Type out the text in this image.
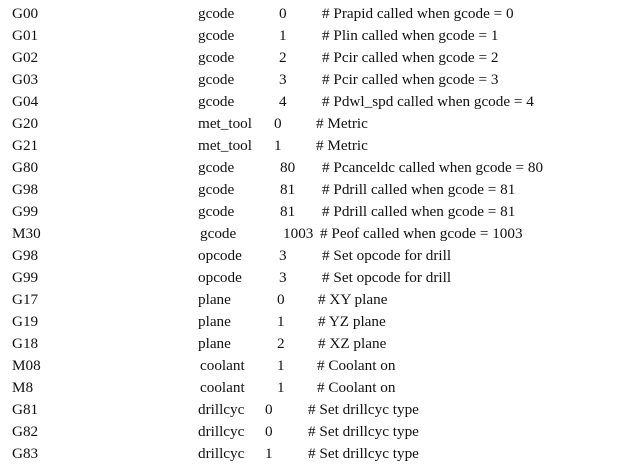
G00	gcode	0 # Prapid called when gcode = 0
G01	gcode	1 # Plin called when gcode = 1
G02	gcode	2 # Pcir called when gcode = 2
G03	gcode	3 # Pcir called when gcode = 3
G04	gcode	4 # Pdwl_spd called when gcode = 4
G20	met_tool 0 # Metric
G21	met_tool 1 # Metric
G80	gcode	80 # Pcanceldc called when gcode = 80
G98	gcode	81 # Pdrill called when gcode = 81
G99	gcode	81 # Pdrill called when gcode = 81
M30	gcode	1003 # Peof called when gcode = 1003
G98	opcode 3 # Set opcode for drill
G99	opcode 3 # Set opcode for drill
G17	plane	0 # XY plane
G19	plane	1 # YZ plane
G18	plane	2 # XZ plane
M08	coolant 1 # Coolant on
M8	coolant 1 # Coolant on
G81	drillcyc 0 # Set drillcyc type
G82	drillcyc 0 # Set drillcyc type
G83	drillcyc 1 # Set drillcyc type
